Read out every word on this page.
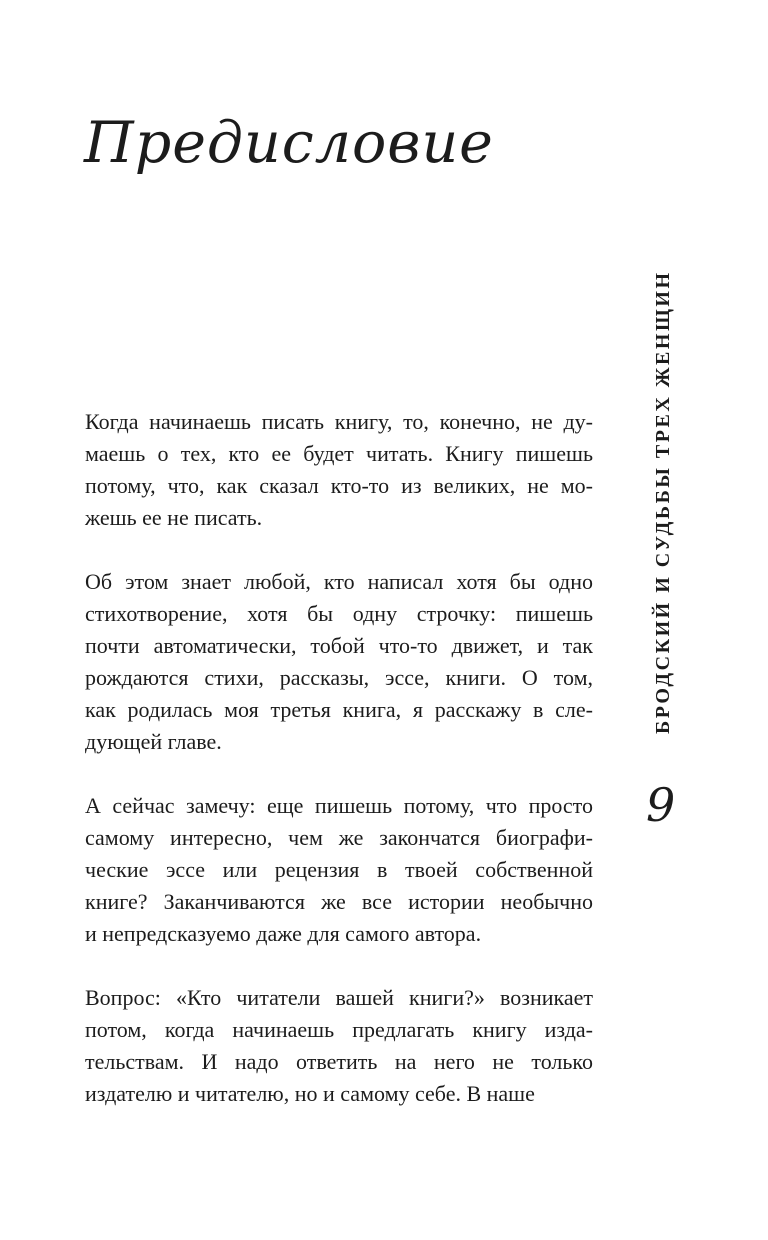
Предисловие
Когда начинаешь писать книгу, то, конечно, не ду-
маешь о тех, кто ее будет читать. Книгу пишешь
потому, что, как сказал кто-то из великих, не мо-
жешь ее не писать.
Об этом знает любой, кто написал хотя бы одно
стихотворение, хотя бы одну строчку: пишешь
почти автоматически, тобой что-то движет, и так
рождаются стихи, рассказы, эссе, книги. О том,
как родилась моя третья книга, я расскажу в сле-
дующей главе.
А сейчас замечу: еще пишешь потому, что просто
самому интересно, чем же закончатся биографи-
ческие эссе или рецензия в твоей собственной
книге? Заканчиваются же все истории необычно
и непредсказуемо даже для самого автора.
Вопрос: «Кто читатели вашей книги?» возникает
потом, когда начинаешь предлагать книгу изда-
тельствам. И надо ответить на него не только
издателю и читателю, но и самому себе. В наше
БРОДСКИЙ И СУДЬБЫ ТРЕХ ЖЕНЩИН
9
